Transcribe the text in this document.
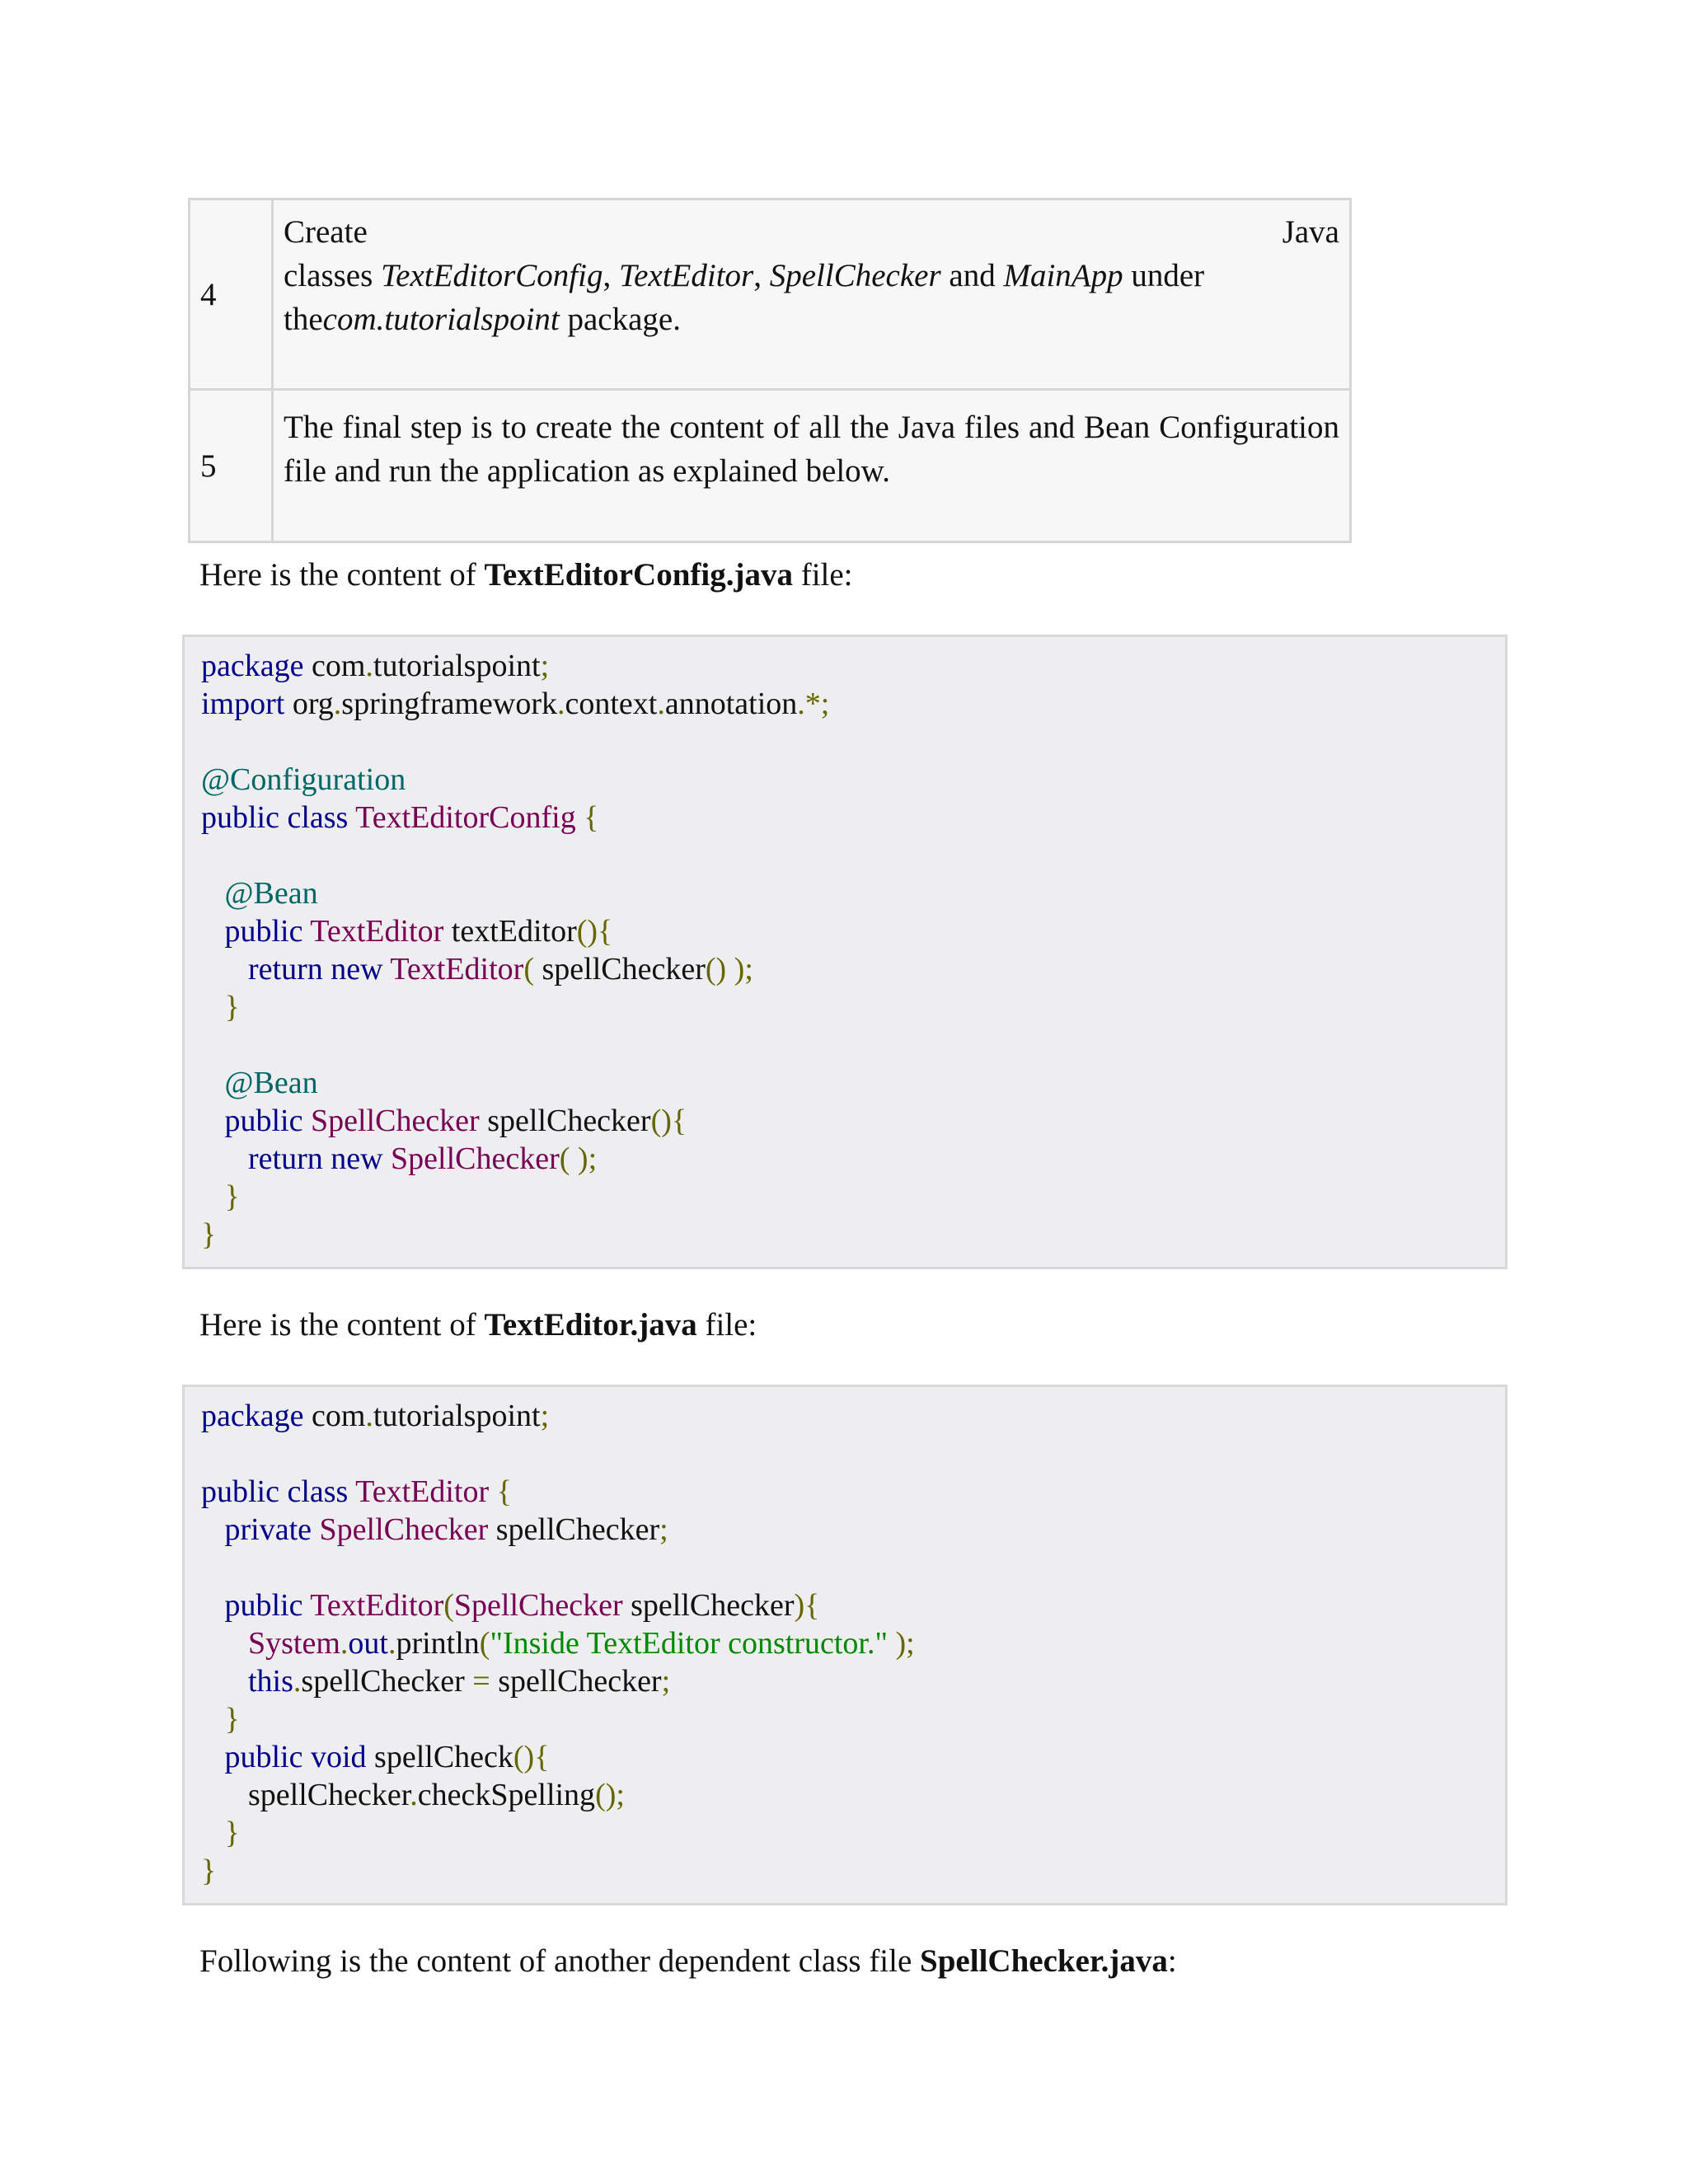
4	Create Java
classes TextEditorConfig, TextEditor, SpellChecker and MainApp under
thecom.tutorialspoint package.

5	The final step is to create the content of all the Java files and Bean Configuration file and run the application as explained below.

Here is the content of TextEditorConfig.java file:

package com.tutorialspoint;
import org.springframework.context.annotation.*;

@Configuration
public class TextEditorConfig {

@Bean
public TextEditor textEditor(){
return new TextEditor( spellChecker() );
}

@Bean
public SpellChecker spellChecker(){
return new SpellChecker( );
}
}

Here is the content of TextEditor.java file:

package com.tutorialspoint;

public class TextEditor {
private SpellChecker spellChecker;

public TextEditor(SpellChecker spellChecker){
System.out.println("Inside TextEditor constructor." );
this.spellChecker = spellChecker;
}
public void spellCheck(){
spellChecker.checkSpelling();
}
}

Following is the content of another dependent class file SpellChecker.java:
